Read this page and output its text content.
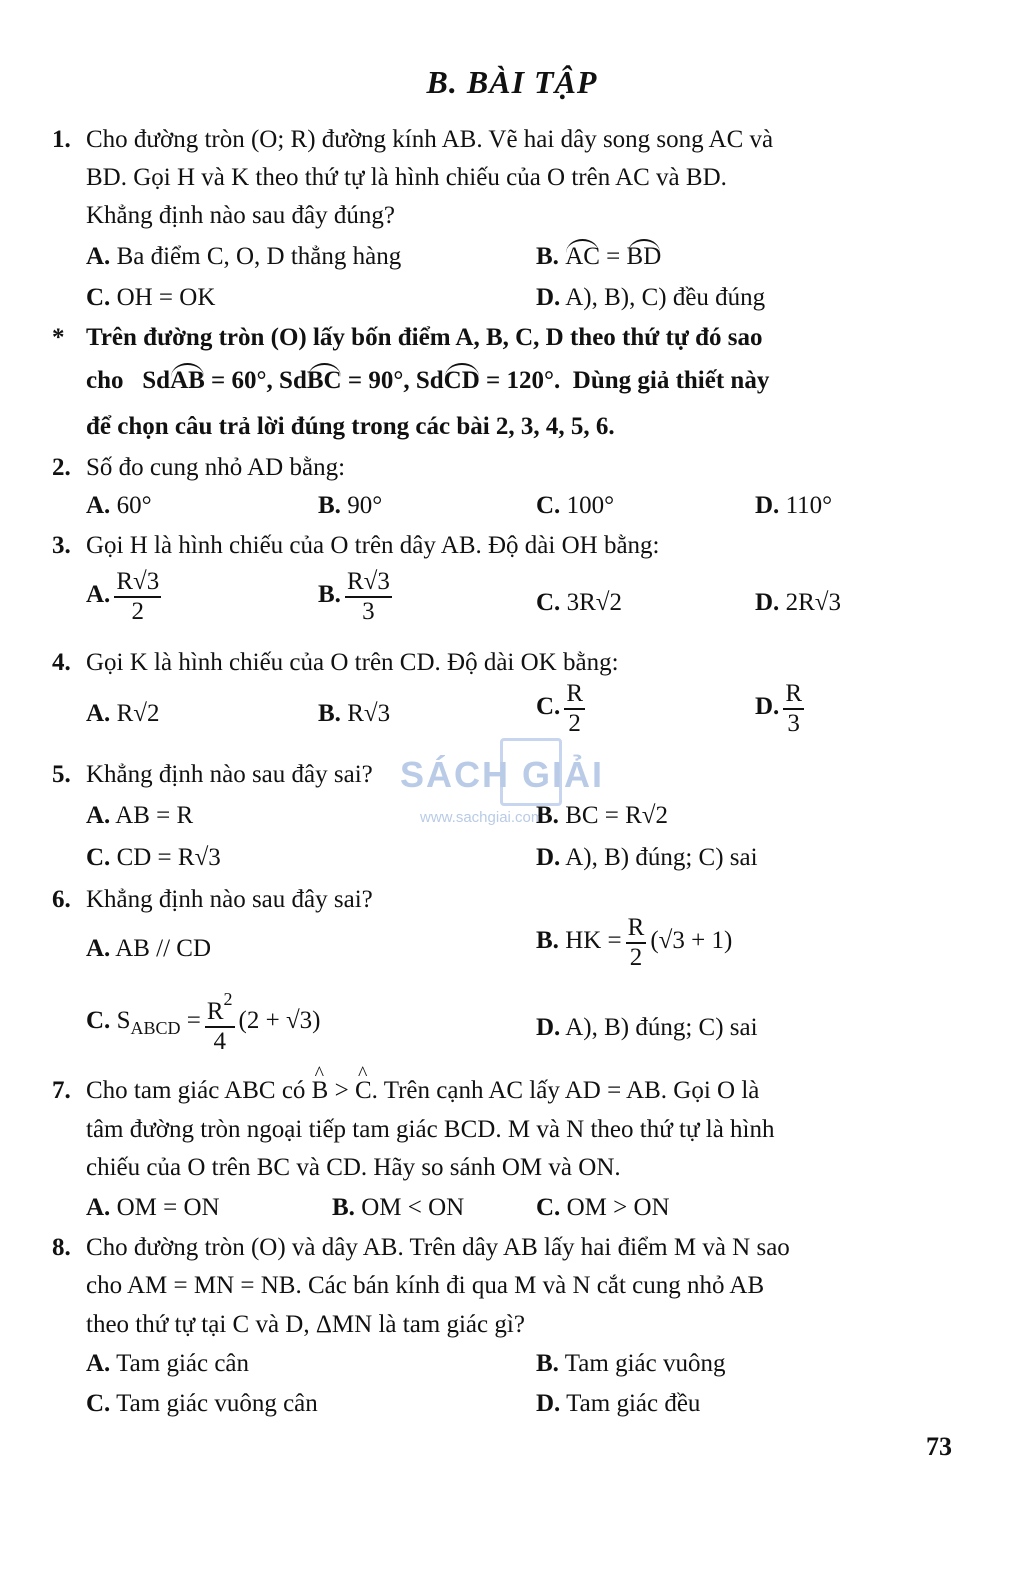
SÁCH GIẢI
www.sachgiai.com
B. BÀI TẬP
1. Cho đường tròn (O; R) đường kính AB. Vẽ hai dây song song AC và
BD. Gọi H và K theo thứ tự là hình chiếu của O trên AC và BD.
Khẳng định nào sau đây đúng?
A. Ba điểm C, O, D thẳng hàng	B. AC = BD
C. OH = OK	D. A), B), C) đều đúng
* Trên đường tròn (O) lấy bốn điểm A, B, C, D theo thứ tự đó sao
cho SdAB = 60°, SdBC = 90°, SdCD = 120°. Dùng giả thiết này
để chọn câu trả lời đúng trong các bài 2, 3, 4, 5, 6.
2. Số đo cung nhỏ AD bằng:
A. 60°	B. 90°	C. 100°	D. 110°
3. Gọi H là hình chiếu của O trên dây AB. Độ dài OH bằng:
A. $\frac{R√3}{2}$	B. $\frac{R√3}{3}$	C. 3R√2	D. 2R√3
4. Gọi K là hình chiếu của O trên CD. Độ dài OK bằng:
A. R√2	B. R√3	C. $\frac{R}{2}$	D. $\frac{R}{3}$
5. Khẳng định nào sau đây sai?
A. AB = R	B. BC = R√2
C. CD = R√3	D. A), B) đúng; C) sai
6. Khẳng định nào sau đây sai?
A. AB // CD	B. HK = $\frac{R}{2} (√3 + 1)$
C. $S_{ABCD} = \frac{R^2}{4} (2 + √3)$	D. A), B) đúng; C) sai
7. Cho tam giác ABC có ^ B > ^ C. Trên cạnh AC lấy AD = AB. Gọi O là
tâm đường tròn ngoại tiếp tam giác BCD. M và N theo thứ tự là hình
chiếu của O trên BC và CD. Hãy so sánh OM và ON.
A. OM = ON	B. OM < ON	C. OM > ON
8. Cho đường tròn (O) và dây AB. Trên dây AB lấy hai điểm M và N sao
cho AM = MN = NB. Các bán kính đi qua M và N cắt cung nhỏ AB
theo thứ tự tại C và D, ΔMN là tam giác gì?
A. Tam giác cân	B. Tam giác vuông
C. Tam giác vuông cân	D. Tam giác đều
73
